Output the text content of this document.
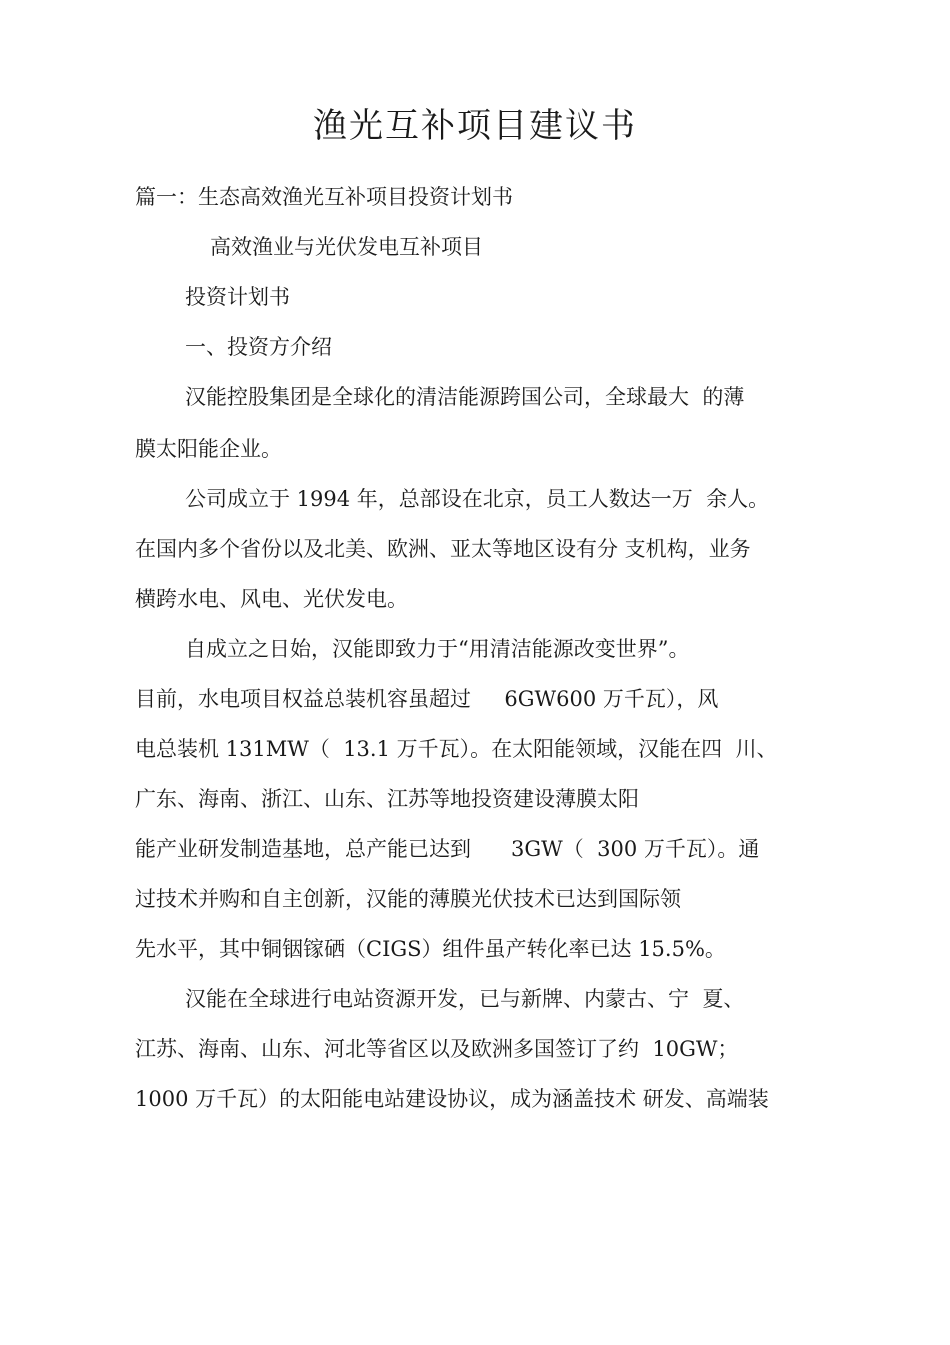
渔光互补项目建议书
篇一：生态高效渔光互补项目投资计划书
高效渔业与光伏发电互补项目
投资计划书
一、投资方介绍
汉能控股集团是全球化的清洁能源跨国公司，全球最大  的薄
膜太阳能企业。
公司成立于 1994 年，总部设在北京，员工人数达一万  余人。
在国内多个省份以及北美、欧洲、亚太等地区设有分 支机构，业务
横跨水电、风电、光伏发电。
自成立之日始，汉能即致力于“用清洁能源改变世界”。
目前，水电项目权益总装机容虽超过     6GW600 万千瓦），风
电总装机 131MW（  13.1 万千瓦）。在太阳能领域，汉能在四  川、
广东、海南、浙江、山东、江苏等地投资建设薄膜太阳
能产业研发制造基地，总产能已达到      3GW（  300 万千瓦）。通
过技术并购和自主创新，汉能的薄膜光伏技术已达到国际领
先水平，其中铜铟镓硒（CIGS）组件虽产转化率已达 15.5%。
汉能在全球进行电站资源开发，已与新牌、内蒙古、宁  夏、
江苏、海南、山东、河北等省区以及欧洲多国签订了约  10GW；
1000 万千瓦）的太阳能电站建设协议，成为涵盖技术 研发、高端装
